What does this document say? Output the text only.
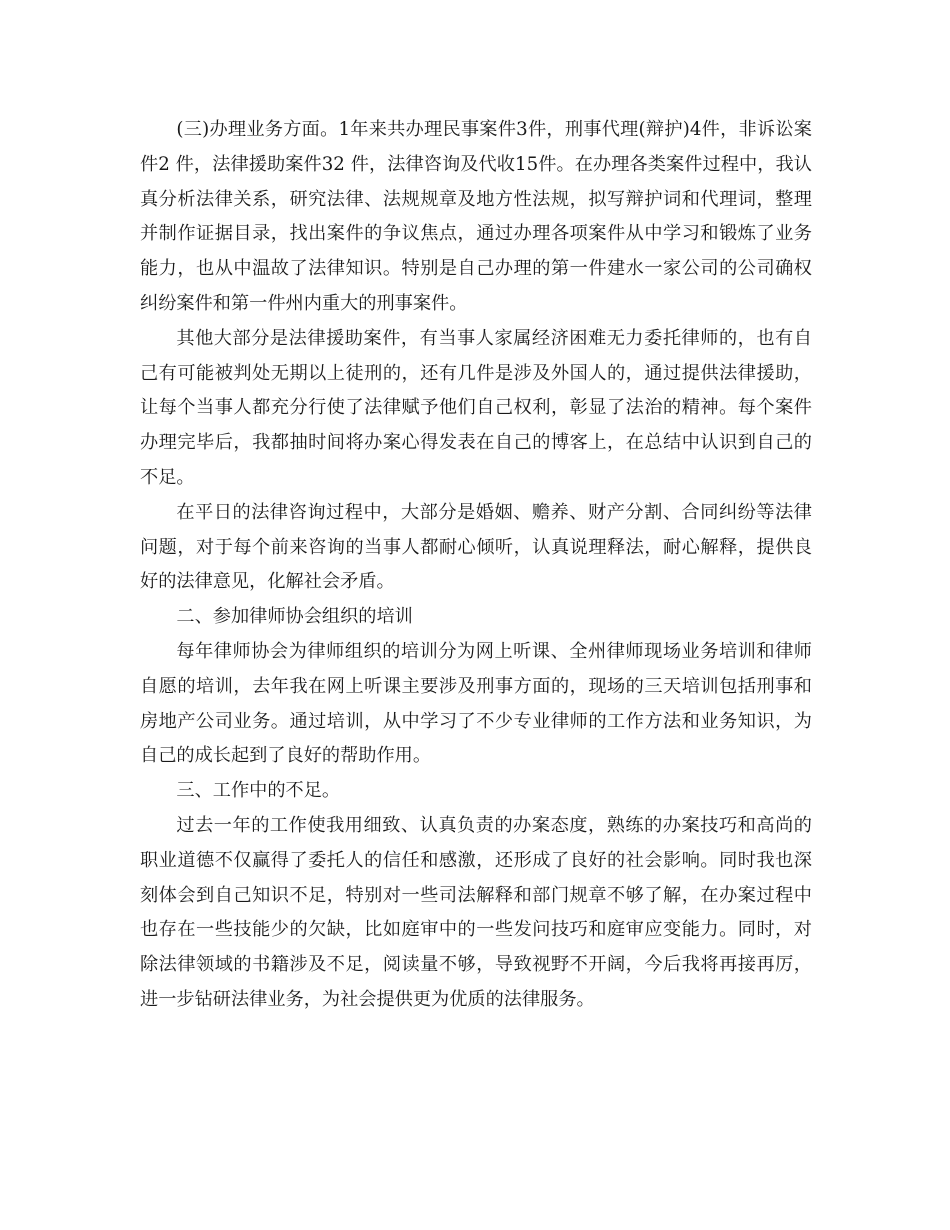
(三)办理业务方面。1年来共办理民事案件3件，刑事代理(辩护)4件，非诉讼案件2 件，法律援助案件32 件，法律咨询及代收15件。在办理各类案件过程中，我认真分析法律关系，研究法律、法规规章及地方性法规，拟写辩护词和代理词，整理并制作证据目录，找出案件的争议焦点，通过办理各项案件从中学习和锻炼了业务能力，也从中温故了法律知识。特别是自己办理的第一件建水一家公司的公司确权纠纷案件和第一件州内重大的刑事案件。

其他大部分是法律援助案件，有当事人家属经济困难无力委托律师的，也有自己有可能被判处无期以上徒刑的，还有几件是涉及外国人的，通过提供法律援助，让每个当事人都充分行使了法律赋予他们自己权利，彰显了法治的精神。每个案件办理完毕后，我都抽时间将办案心得发表在自己的博客上，在总结中认识到自己的不足。

在平日的法律咨询过程中，大部分是婚姻、赡养、财产分割、合同纠纷等法律问题，对于每个前来咨询的当事人都耐心倾听，认真说理释法，耐心解释，提供良好的法律意见，化解社会矛盾。

二、参加律师协会组织的培训

每年律师协会为律师组织的培训分为网上听课、全州律师现场业务培训和律师自愿的培训，去年我在网上听课主要涉及刑事方面的，现场的三天培训包括刑事和房地产公司业务。通过培训，从中学习了不少专业律师的工作方法和业务知识，为自己的成长起到了良好的帮助作用。

三、工作中的不足。

过去一年的工作使我用细致、认真负责的办案态度，熟练的办案技巧和高尚的职业道德不仅赢得了委托人的信任和感激，还形成了良好的社会影响。同时我也深刻体会到自己知识不足，特别对一些司法解释和部门规章不够了解，在办案过程中也存在一些技能少的欠缺，比如庭审中的一些发问技巧和庭审应变能力。同时，对除法律领域的书籍涉及不足，阅读量不够，导致视野不开阔，今后我将再接再厉，进一步钻研法律业务，为社会提供更为优质的法律服务。
